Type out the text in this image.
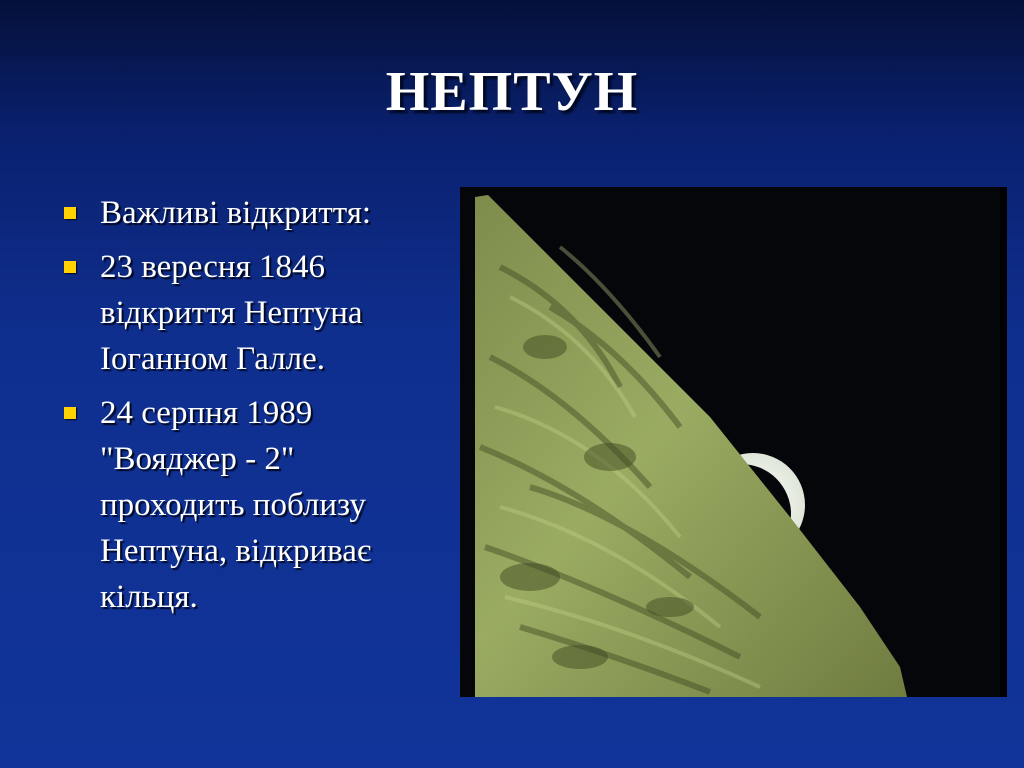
НЕПТУН
Важливі відкриття:
23 вересня 1846 відкриття Нептуна Іоганном Галле.
24 серпня 1989 "Вояджер - 2" проходить поблизу Нептуна, відкриває кільця.
